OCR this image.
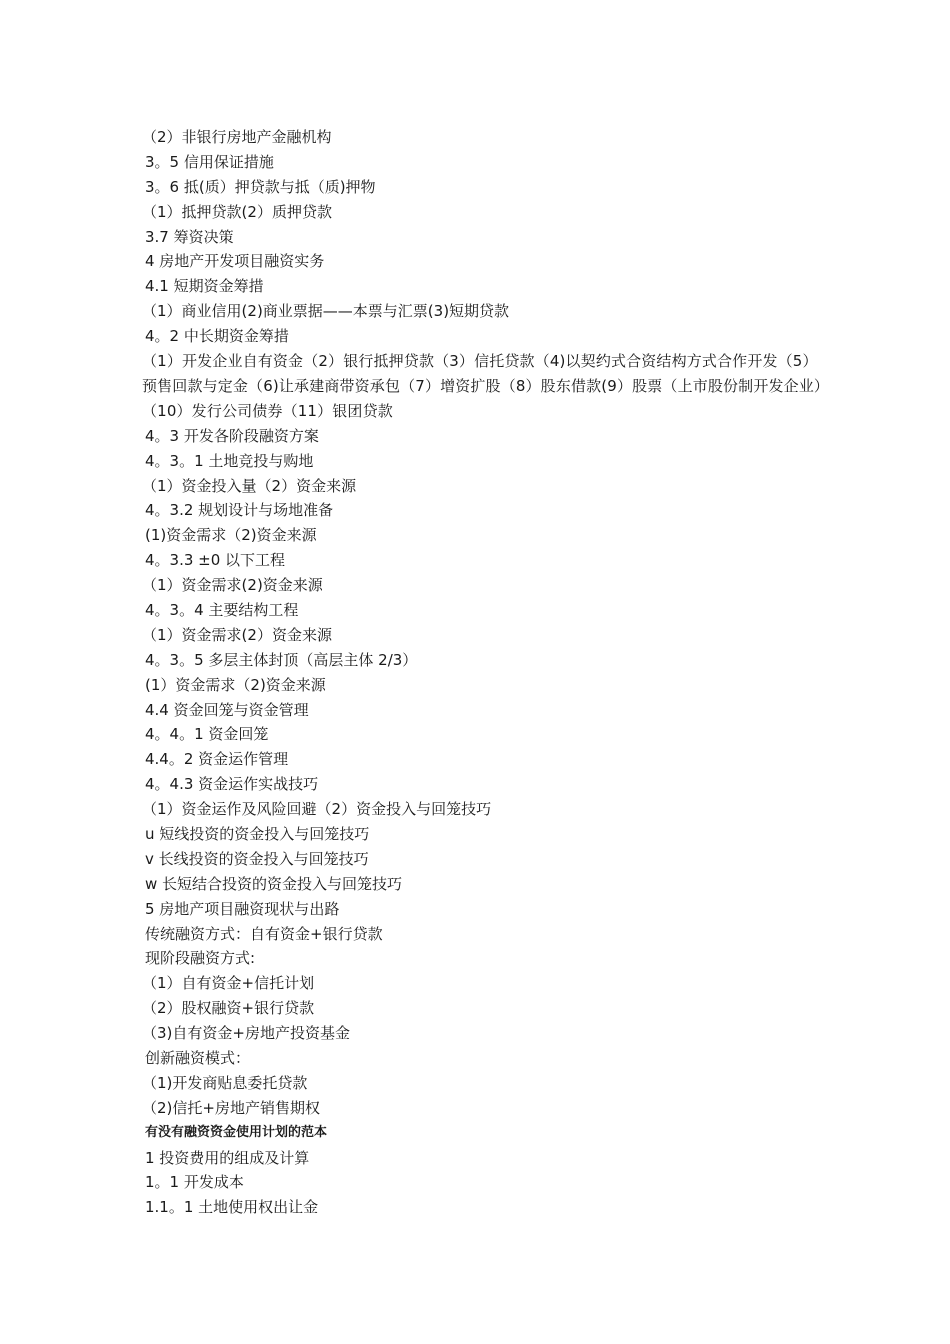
（2）非银行房地产金融机构
3。5 信用保证措施
3。6 抵(质）押贷款与抵（质)押物
（1）抵押贷款(2）质押贷款
3.7 筹资决策
4 房地产开发项目融资实务
4.1 短期资金筹措
（1）商业信用(2)商业票据——本票与汇票(3)短期贷款
4。2 中长期资金筹措
（1）开发企业自有资金（2）银行抵押贷款（3）信托贷款（4)以契约式合资结构方式合作开发（5）预售回款与定金（6)让承建商带资承包（7）增资扩股（8）股东借款(9）股票（上市股份制开发企业）（10）发行公司债券（11）银团贷款
4。3 开发各阶段融资方案
4。3。1 土地竞投与购地
（1）资金投入量（2）资金来源
4。3.2 规划设计与场地准备
(1)资金需求（2)资金来源
4。3.3 ±0 以下工程
（1）资金需求(2)资金来源
4。3。4 主要结构工程
（1）资金需求(2）资金来源
4。3。5 多层主体封顶（高层主体 2/3）
(1）资金需求（2)资金来源
4.4 资金回笼与资金管理
4。4。1 资金回笼
4.4。2 资金运作管理
4。4.3 资金运作实战技巧
（1）资金运作及风险回避（2）资金投入与回笼技巧
u 短线投资的资金投入与回笼技巧
v 长线投资的资金投入与回笼技巧
w 长短结合投资的资金投入与回笼技巧
5 房地产项目融资现状与出路
传统融资方式：自有资金+银行贷款
现阶段融资方式:
（1）自有资金+信托计划
（2）股权融资+银行贷款
（3)自有资金+房地产投资基金
创新融资模式：
（1)开发商贴息委托贷款
（2)信托+房地产销售期权
有没有融资资金使用计划的范本
1 投资费用的组成及计算
1。1 开发成本
1.1。1 土地使用权出让金
